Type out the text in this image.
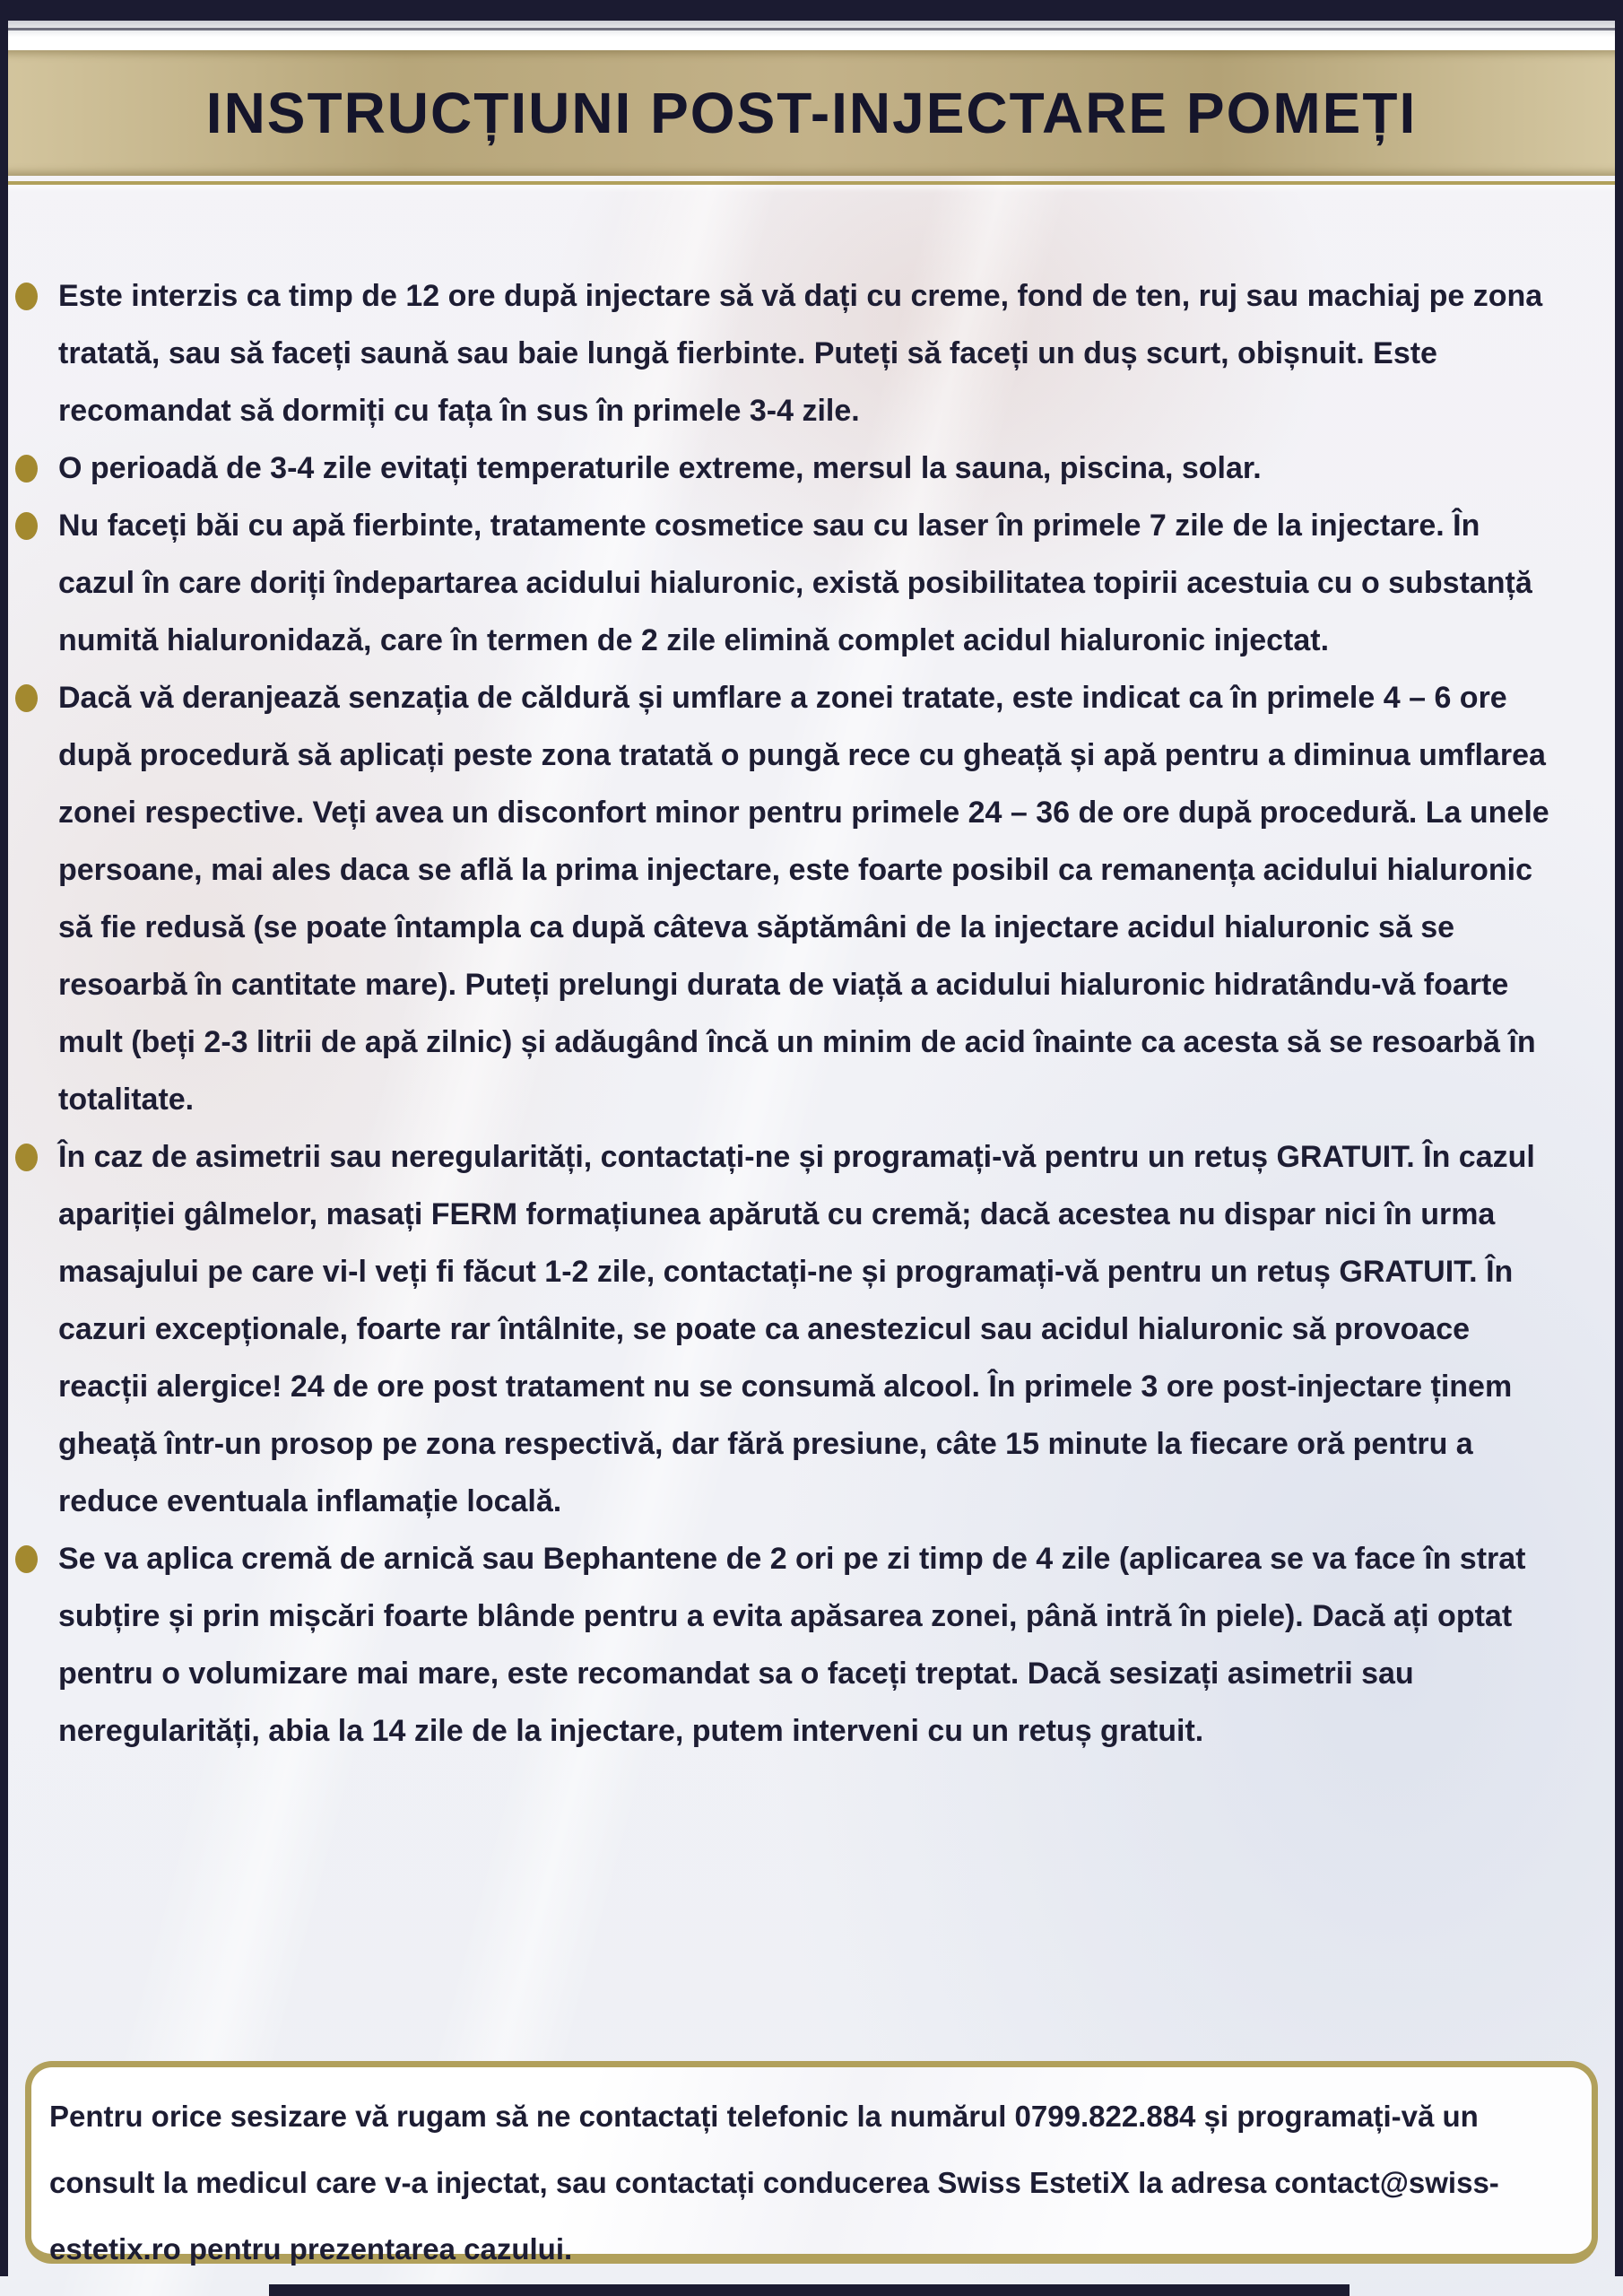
INSTRUCȚIUNI POST-INJECTARE POMEȚI
Este interzis ca timp de 12 ore după injectare să vă dați cu creme, fond de ten, ruj sau machiaj pe zona tratată, sau să faceți saună sau baie lungă fierbinte. Puteți să faceți un duș scurt, obișnuit. Este recomandat să dormiți cu fața în sus în primele 3-4 zile.
O perioadă de 3-4 zile evitați temperaturile extreme, mersul la sauna, piscina, solar.
Nu faceți băi cu apă fierbinte, tratamente cosmetice sau cu laser în primele 7 zile de la injectare. În cazul în care doriți îndepartarea acidului hialuronic, există posibilitatea topirii acestuia cu o substanță numită hialuronidază, care în termen de 2 zile elimină complet acidul hialuronic injectat.
Dacă vă deranjează senzația de căldură și umflare a zonei tratate, este indicat ca în primele 4 – 6 ore după procedură să aplicați peste zona tratată o pungă rece cu gheață și apă pentru a diminua umflarea zonei respective. Veți avea un disconfort minor pentru primele 24 – 36 de ore după procedură. La unele persoane, mai ales daca se află la prima injectare, este foarte posibil ca remanența acidului hialuronic să fie redusă (se poate întampla ca după câteva săptămâni de la injectare acidul hialuronic să se resoarbă în cantitate mare). Puteți prelungi durata de viață a acidului hialuronic hidratându-vă foarte mult (beți 2-3 litrii de apă zilnic) și adăugând încă un minim de acid înainte ca acesta să se resoarbă în totalitate.
În caz de asimetrii sau neregularități, contactați-ne și programați-vă pentru un retuș GRATUIT. În cazul apariției gâlmelor, masați FERM formațiunea apărută cu cremă; dacă acestea nu dispar nici în urma masajului pe care vi-l veți fi făcut 1-2 zile, contactați-ne și programați-vă pentru un retuș GRATUIT. În cazuri excepționale, foarte rar întâlnite, se poate ca anestezicul sau acidul hialuronic să provoace reacții alergice! 24 de ore post tratament nu se consumă alcool. În primele 3 ore post-injectare ținem gheață într-un prosop pe zona respectivă, dar fără presiune, câte 15 minute la fiecare oră pentru a reduce eventuala inflamație locală.
Se va aplica cremă de arnică sau Bephantene de 2 ori pe zi timp de 4 zile (aplicarea se va face în strat subțire și prin mișcări foarte blânde pentru a evita apăsarea zonei, până intră în piele). Dacă ați optat pentru o volumizare mai mare, este recomandat sa o faceți treptat. Dacă sesizați asimetrii sau neregularități, abia la 14 zile de la injectare, putem interveni cu un retuș gratuit.

Pentru orice sesizare vă rugam să ne contactați telefonic la numărul 0799.822.884 și programați-vă un consult la medicul care v-a injectat, sau contactați conducerea Swiss EstetiX la adresa contact@swiss-estetix.ro pentru prezentarea cazului.
